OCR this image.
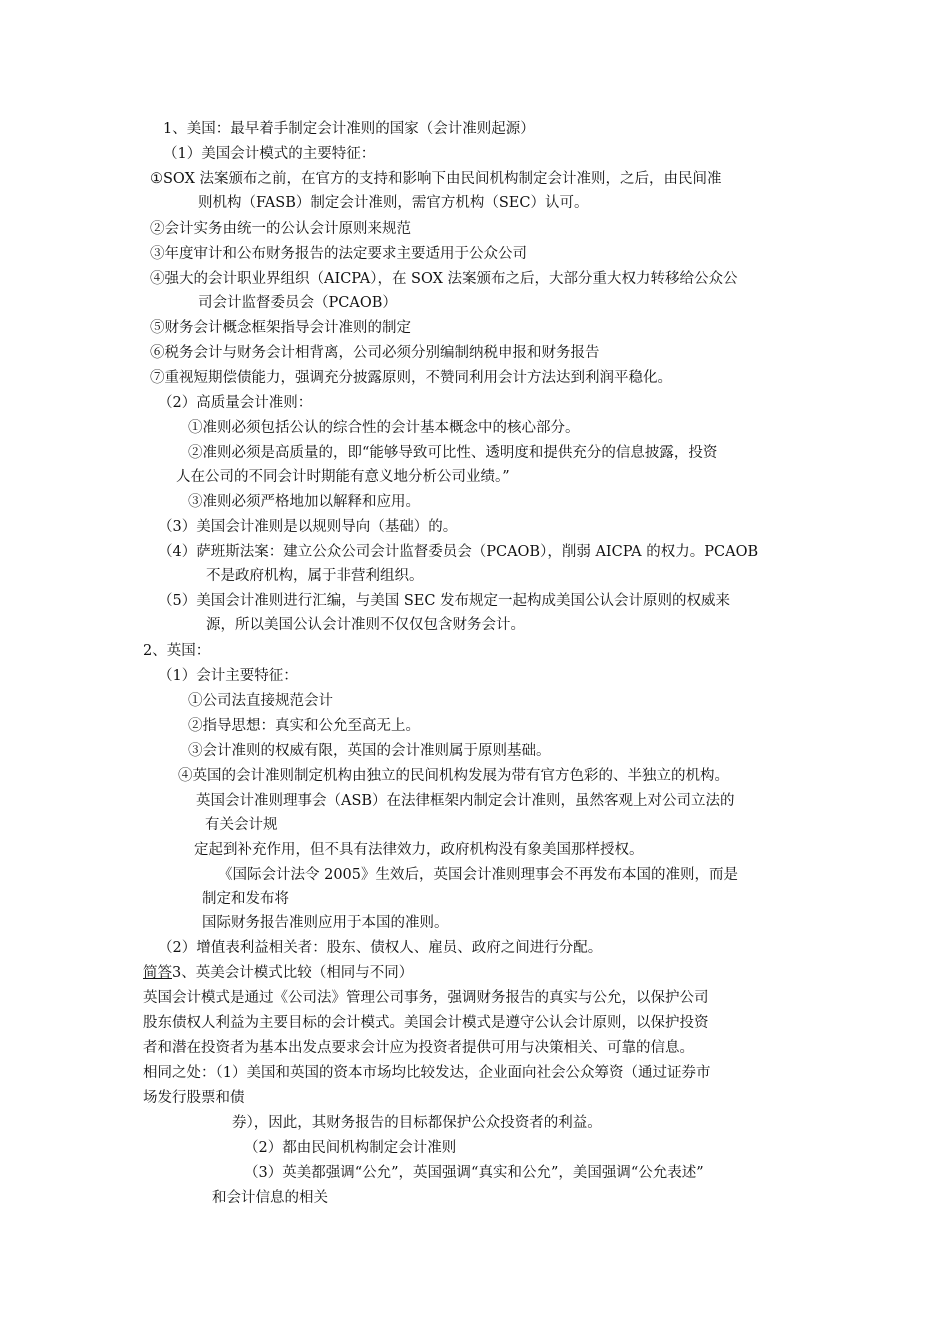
1、美国：最早着手制定会计准则的国家（会计准则起源）

（1）美国会计模式的主要特征：

①SOX 法案颁布之前，在官方的支持和影响下由民间机构制定会计准则，之后，由民间准

则机构（FASB）制定会计准则，需官方机构（SEC）认可。

②会计实务由统一的公认会计原则来规范

③年度审计和公布财务报告的法定要求主要适用于公众公司

④强大的会计职业界组织（AICPA），在 SOX 法案颁布之后，大部分重大权力转移给公众公

司会计监督委员会（PCAOB）

⑤财务会计概念框架指导会计准则的制定

⑥税务会计与财务会计相背离，公司必须分别编制纳税申报和财务报告

⑦重视短期偿债能力，强调充分披露原则，不赞同利用会计方法达到利润平稳化。

（2）高质量会计准则：

①准则必须包括公认的综合性的会计基本概念中的核心部分。

②准则必须是高质量的，即“能够导致可比性、透明度和提供充分的信息披露，投资

人在公司的不同会计时期能有意义地分析公司业绩。”

③准则必须严格地加以解释和应用。

（3）美国会计准则是以规则导向（基础）的。

（4）萨班斯法案：建立公众公司会计监督委员会（PCAOB），削弱 AICPA 的权力。PCAOB

不是政府机构，属于非营利组织。

（5）美国会计准则进行汇编，与美国 SEC 发布规定一起构成美国公认会计原则的权威来

源，所以美国公认会计准则不仅仅包含财务会计。

2、英国：

（1）会计主要特征：

①公司法直接规范会计

②指导思想：真实和公允至高无上。

③会计准则的权威有限，英国的会计准则属于原则基础。

④英国的会计准则制定机构由独立的民间机构发展为带有官方色彩的、半独立的机构。

英国会计准则理事会（ASB）在法律框架内制定会计准则，虽然客观上对公司立法的

有关会计规

定起到补充作用，但不具有法律效力，政府机构没有象美国那样授权。

《国际会计法令 2005》生效后，英国会计准则理事会不再发布本国的准则，而是

制定和发布将

国际财务报告准则应用于本国的准则。

（2）增值表利益相关者：股东、债权人、雇员、政府之间进行分配。

简答3、英美会计模式比较（相同与不同）

英国会计模式是通过《公司法》管理公司事务，强调财务报告的真实与公允，以保护公司

股东债权人利益为主要目标的会计模式。美国会计模式是遵守公认会计原则，以保护投资

者和潜在投资者为基本出发点要求会计应为投资者提供可用与决策相关、可靠的信息。

相同之处：（1）美国和英国的资本市场均比较发达，企业面向社会公众筹资（通过证券市

场发行股票和债

券），因此，其财务报告的目标都保护公众投资者的利益。

（2）都由民间机构制定会计准则

（3）英美都强调“公允”，英国强调“真实和公允”，美国强调“公允表述”

和会计信息的相关
